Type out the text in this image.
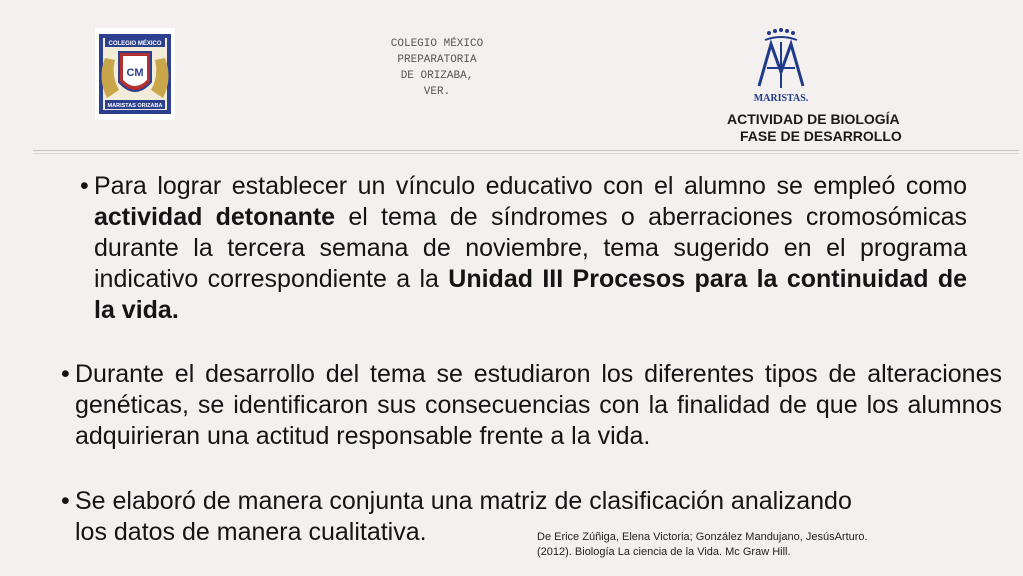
CM
COLEGIO MÉXICO
MARISTAS ORIZABA
COLEGIO MÉXICO
PREPARATORIA
DE ORIZABA,
VER.
MARISTAS.
ACTIVIDAD DE BIOLOGÍA
FASE DE DESARROLLO
• Para lograr establecer un vínculo educativo con el alumno se empleó como actividad detonante el tema de síndromes o aberraciones cromosómicas durante la tercera semana de noviembre, tema sugerido en el programa indicativo correspondiente a la Unidad III Procesos para la continuidad de la vida.
• Durante el desarrollo del tema se estudiaron los diferentes tipos de alteraciones genéticas, se identificaron sus consecuencias con la finalidad de que los alumnos adquirieran una actitud responsable frente a la vida.
• Se elaboró de manera conjunta una matriz de clasificación analizando
los datos de manera cualitativa.	De Erice Zúñiga, Elena Victoria; González Mandujano, JesúsArturo.
(2012). Biología La ciencia de la Vida. Mc Graw Hill.
